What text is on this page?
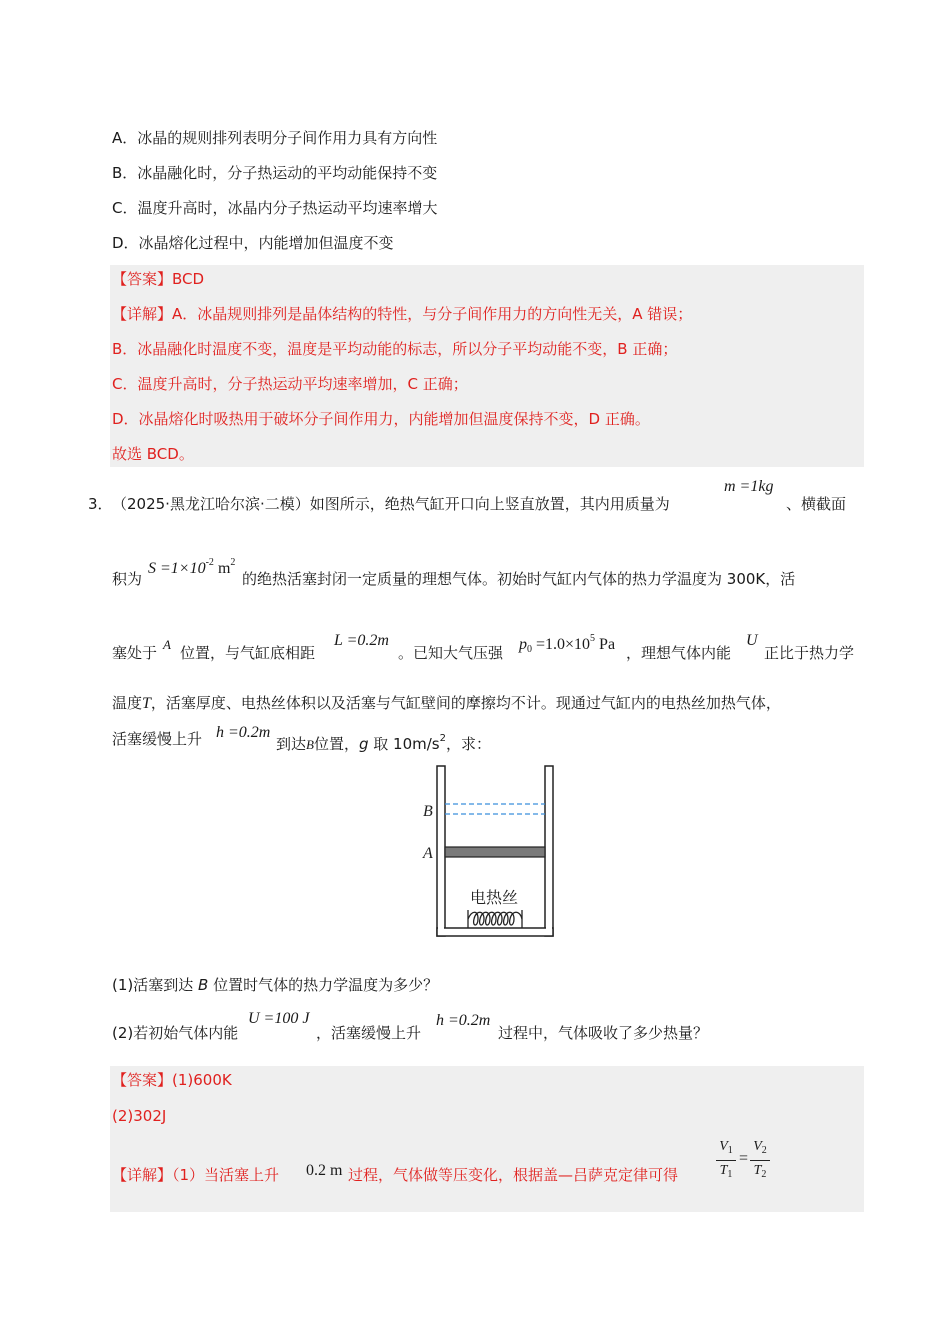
A．冰晶的规则排列表明分子间作用力具有方向性
B．冰晶融化时，分子热运动的平均动能保持不变
C．温度升高时，冰晶内分子热运动平均速率增大
D．冰晶熔化过程中，内能增加但温度不变
【答案】BCD
【详解】A．冰晶规则排列是晶体结构的特性，与分子间作用力的方向性无关，A 错误；
B．冰晶融化时温度不变，温度是平均动能的标志，所以分子平均动能不变，B 正确；
C．温度升高时，分子热运动平均速率增加，C 正确；
D．冰晶熔化时吸热用于破坏分子间作用力，内能增加但温度保持不变，D 正确。
故选 BCD。
3． （2025·黑龙江哈尔滨·二模）如图所示，绝热气缸开口向上竖直放置，其内用质量为
m =1kg
、横截面
积为
$S =1\times 10^{-2}$ $m^2$
的绝热活塞封闭一定质量的理想气体。初始时气缸内气体的热力学温度为 300K，活
塞处于 A 位置，与气缸底相距
L =0.2m
。已知大气压强 $p_0 =1.0\times 10^5$ Pa ，理想气体内能
U
正比于热力学
温度T，活塞厚度、电热丝体积以及活塞与气缸壁间的摩擦均不计。现通过气缸内的电热丝加热气体，
活塞缓慢上升 h =0.2m
到达B位置，g 取 $10m/s^2$，求：
B
A
电热丝
(1)活塞到达 B 位置时气体的热力学温度为多少？
(2)若初始气体内能
U =100 J
，活塞缓慢上升
h =0.2m
过程中，气体吸收了多少热量？
【答案】(1)600K
(2)302J
【详解】（1）当活塞上升 0.2 m 过程，气体做等压变化，根据盖—吕萨克定律可得	$\frac{V_1}{T_1} = \frac{V_2}{T_2}$
